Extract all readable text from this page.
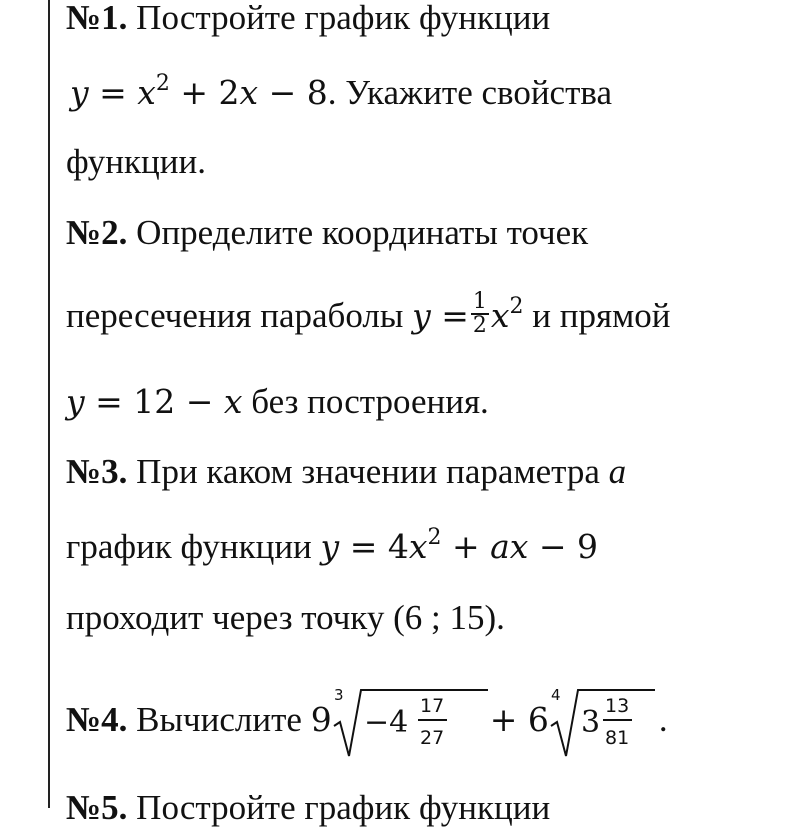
№1. Постройте график функции
$y = x^2 + 2x - 8$. Укажите свойства
функции.
№2. Определите координаты точек
пересечения параболы $y = \frac{1}{2} x^2$ и прямой
y = 12 − x без построения.
№3. При каком значении параметра a
график функции $y = 4x^2$ + ax − 9
проходит через точку (6 ; 15).
№4. Вычислите 9
3
−4 17
27 + 6
4
3 13
81 .
№5. Постройте график функции
